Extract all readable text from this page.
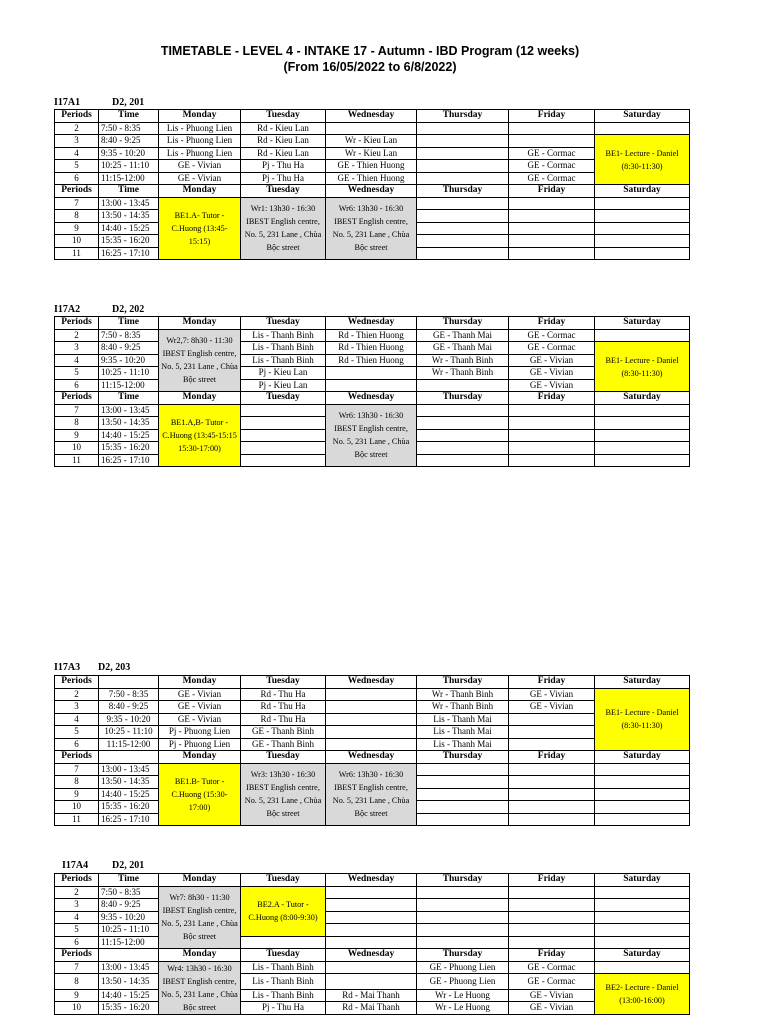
TIMETABLE - LEVEL 4 - INTAKE 17 - Autumn - IBD Program (12 weeks)
(From 16/05/2022 to 6/8/2022)
I17A1	D2, 201
Periods	Time	Monday	Tuesday	Wednesday	Thursday	Friday	Saturday
2	7:50 - 8:35	Lis - Phuong Lien	Rd - Kieu Lan				
3	8:40 - 9:25	Lis - Phuong Lien	Rd - Kieu Lan	Wr - Kieu Lan			BE1- Lecture - Daniel (8:30-11:30)
4	9:35 - 10:20	Lis - Phuong Lien	Rd - Kieu Lan	Wr - Kieu Lan		GE - Cormac	
5	10:25 - 11:10	GE - Vivian	Pj - Thu Ha	GE - Thien Huong		GE - Cormac	
6	11:15-12:00	GE - Vivian	Pj - Thu Ha	GE - Thien Huong		GE - Cormac	
Periods	Time	Monday	Tuesday	Wednesday	Thursday	Friday	Saturday
7	13:00 - 13:45	BE1.A- Tutor - C.Huong (13:45-15:15)	Wr1: 13h30 - 16:30 IBEST English centre, No. 5, 231 Lane , Chùa Bộc street	Wr6: 13h30 - 16:30 IBEST English centre, No. 5, 231 Lane , Chùa Bộc street			
8	13:50 - 14:35						
9	14:40 - 15:25						
10	15:35 - 16:20						
11	16:25 - 17:10						
I17A2	D2, 202
Periods	Time	Monday	Tuesday	Wednesday	Thursday	Friday	Saturday
2	7:50 - 8:35	Wr2,7: 8h30 - 11:30 IBEST English centre, No. 5, 231 Lane , Chùa Bộc street	Lis - Thanh Binh	Rd - Thien Huong	GE - Thanh Mai	GE - Cormac	
3	8:40 - 9:25		Lis - Thanh Binh	Rd - Thien Huong	GE - Thanh Mai	GE - Cormac	BE1- Lecture - Daniel (8:30-11:30)
4	9:35 - 10:20		Lis - Thanh Binh	Rd - Thien Huong	Wr - Thanh Binh	GE - Vivian	
5	10:25 - 11:10		Pj - Kieu Lan		Wr - Thanh Binh	GE - Vivian	
6	11:15-12:00		Pj - Kieu Lan			GE - Vivian	
Periods	Time	Monday	Tuesday	Wednesday	Thursday	Friday	Saturday
7	13:00 - 13:45	BE1.A,B- Tutor - C.Huong (13:45-15:15 15:30-17:00)		Wr6: 13h30 - 16:30 IBEST English centre, No. 5, 231 Lane , Chùa Bộc street			
8	13:50 - 14:35						
9	14:40 - 15:25						
10	15:35 - 16:20						
11	16:25 - 17:10						
I17A3 D2, 203
Periods		Monday	Tuesday	Wednesday	Thursday	Friday	Saturday
2	7:50 - 8:35	GE - Vivian	Rd - Thu Ha		Wr - Thanh Binh	GE - Vivian	BE1- Lecture - Daniel (8:30-11:30)
3	8:40 - 9:25	GE - Vivian	Rd - Thu Ha		Wr - Thanh Binh	GE - Vivian	
4	9:35 - 10:20	GE - Vivian	Rd - Thu Ha		Lis - Thanh Mai		
5	10:25 - 11:10	Pj - Phuong Lien	GE - Thanh Binh		Lis - Thanh Mai		
6	11:15-12:00	Pj - Phuong Lien	GE - Thanh Binh		Lis - Thanh Mai		
Periods		Monday	Tuesday	Wednesday	Thursday	Friday	Saturday
7	13:00 - 13:45	BE1.B- Tutor - C.Huong (15:30-17:00)	Wr3: 13h30 - 16:30 IBEST English centre, No. 5, 231 Lane , Chùa Bộc street	Wr6: 13h30 - 16:30 IBEST English centre, No. 5, 231 Lane , Chùa Bộc street			
8	13:50 - 14:35						
9	14:40 - 15:25						
10	15:35 - 16:20						
11	16:25 - 17:10						
I17A4 D2, 201
Periods	Time	Monday	Tuesday	Wednesday	Thursday	Friday	Saturday
2	7:50 - 8:35	Wr7: 8h30 - 11:30 IBEST English centre, No. 5, 231 Lane , Chùa Bộc street	BE2.A - Tutor - C.Huong (8:00-9:30)				
3	8:40 - 9:25						
4	9:35 - 10:20						
5	10:25 - 11:10						
6	11:15-12:00						
Periods		Monday	Tuesday	Wednesday	Thursday	Friday	Saturday
7	13:00 - 13:45	Wr4: 13h30 - 16:30 IBEST English centre, No. 5, 231 Lane , Chùa Bộc street	Lis - Thanh Binh		GE - Phuong Lien	GE - Cormac	
8	13:50 - 14:35		Lis - Thanh Binh		GE - Phuong Lien	GE - Cormac	BE2- Lecture - Daniel (13:00-16:00)
9	14:40 - 15:25		Lis - Thanh Binh	Rd - Mai Thanh	Wr - Le Huong	GE - Vivian	
10	15:35 - 16:20		Pj - Thu Ha	Rd - Mai Thanh	Wr - Le Huong	GE - Vivian	
